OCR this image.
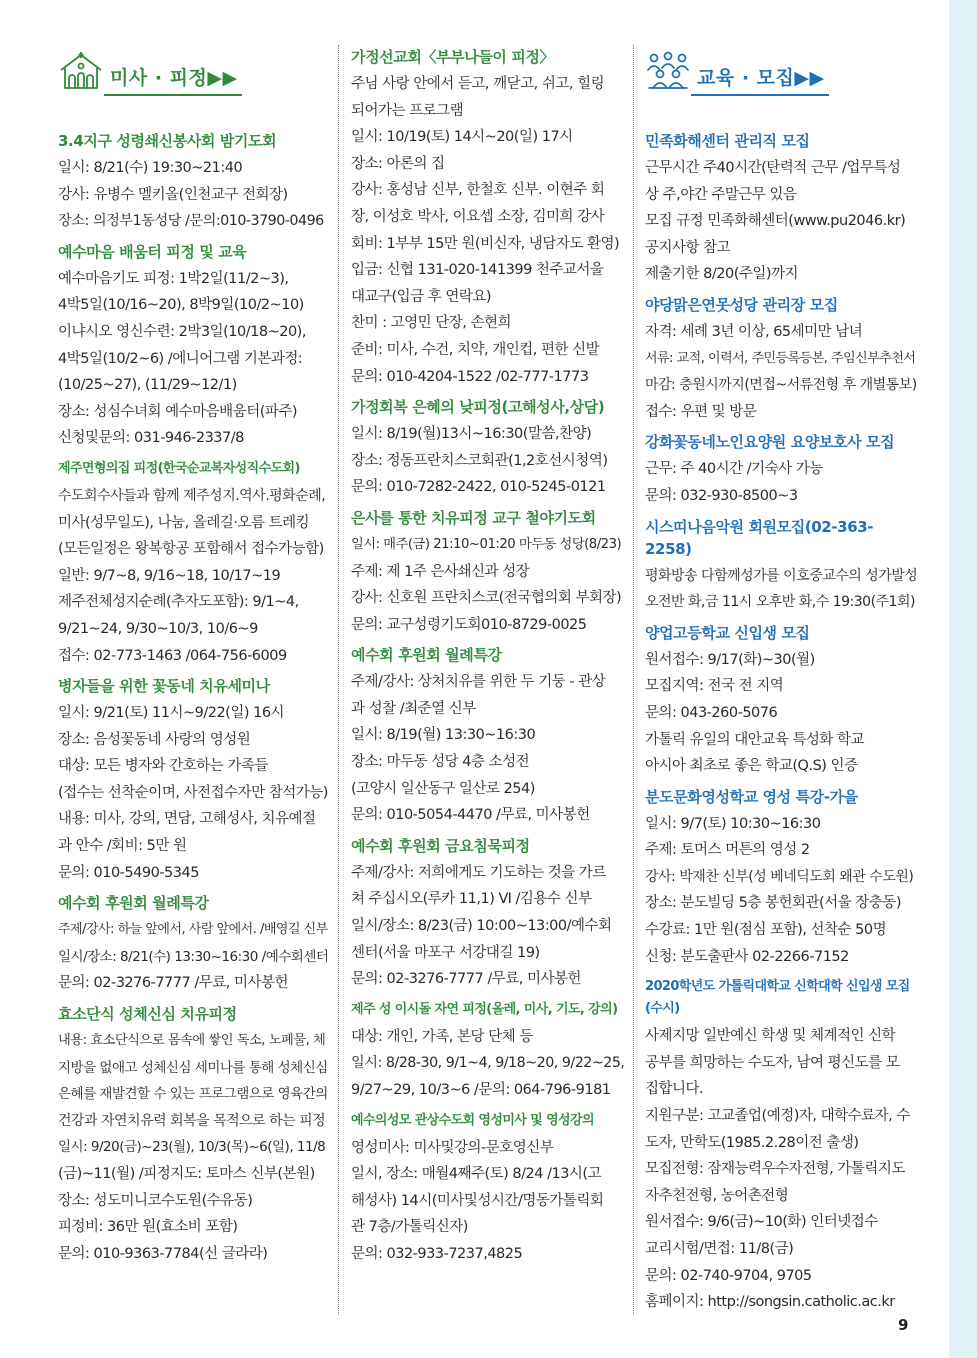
미사 · 피정▶▶
3.4지구 성령쇄신봉사회 밤기도회
일시: 8/21(수) 19:30~21:40
강사: 유병수 멜키올(인천교구 전회장)
장소: 의정부1동성당 /문의:010-3790-0496
예수마음 배움터 피정 및 교육
예수마음기도 피정: 1박2일(11/2~3),
4박5일(10/16~20), 8박9일(10/2~10)
이냐시오 영신수련: 2박3일(10/18~20),
4박5일(10/2~6) /에니어그램 기본과정:
(10/25~27), (11/29~12/1)
장소: 성심수녀회 예수마음배움터(파주)
신청및문의: 031-946-2337/8
제주면형의집 피정(한국순교복자성직수도회)
수도회수사들과 함께 제주성지.역사.평화순례,
미사(성무일도), 나눔, 올레길·오름 트레킹
(모든일정은 왕복항공 포함해서 접수가능함)
일반: 9/7~8, 9/16~18, 10/17~19
제주전체성지순례(추자도포함): 9/1~4,
9/21~24, 9/30~10/3, 10/6~9
접수: 02-773-1463 /064-756-6009
병자들을 위한 꽃동네 치유세미나
일시: 9/21(토) 11시~9/22(일) 16시
장소: 음성꽃동네 사랑의 영성원
대상: 모든 병자와 간호하는 가족들
(접수는 선착순이며, 사전접수자만 참석가능)
내용: 미사, 강의, 면담, 고해성사, 치유예절
과 안수 /회비: 5만 원
문의: 010-5490-5345
예수회 후원회 월례특강
주제/강사: 하늘 앞에서, 사람 앞에서. /배영길 신부
일시/장소: 8/21(수) 13:30~16:30 /예수회센터
문의: 02-3276-7777 /무료, 미사봉헌
효소단식 성체신심 치유피정
내용: 효소단식으로 몸속에 쌓인 독소, 노폐물, 체
지방을 없애고 성체신심 세미나를 통해 성체신심
은혜를 재발견할 수 있는 프로그램으로 영육간의
건강과 자연치유력 회복을 목적으로 하는 피정
일시: 9/20(금)~23(월), 10/3(목)~6(일), 11/8
(금)~11(월) /피정지도: 토마스 신부(본원)
장소: 성도미니코수도원(수유동)
피정비: 36만 원(효소비 포함)
문의: 010-9363-7784(신 글라라)
가정선교회〈부부나들이 피정〉
주님 사랑 안에서 듣고, 깨닫고, 쉬고, 힐링
되어가는 프로그램
일시: 10/19(토) 14시~20(일) 17시
장소: 아론의 집
강사: 홍성남 신부, 한철호 신부. 이현주 회
장, 이성호 박사, 이요셉 소장, 김미희 강사
회비: 1부부 15만 원(비신자, 냉담자도 환영)
입금: 신협 131-020-141399 천주교서울
대교구(입금 후 연락요)
찬미 : 고영민 단장, 손현희
준비: 미사, 수건, 치약, 개인컵, 편한 신발
문의: 010-4204-1522 /02-777-1773
가정회복 은혜의 낮피정(고해성사,상담)
일시: 8/19(월)13시~16:30(말씀,찬양)
장소: 정동프란치스코회관(1,2호선시청역)
문의: 010-7282-2422, 010-5245-0121
은사를 통한 치유피정 교구 철야기도회
일시: 매주(금) 21:10~01:20 마두동 성당(8/23)
주제: 제 1주 은사쇄신과 성장
강사: 신호원 프란치스코(전국협의회 부회장)
문의: 교구성령기도회010-8729-0025
예수회 후원회 월례특강
주제/강사: 상처치유를 위한 두 기둥 - 관상
과 성찰 /최준열 신부
일시: 8/19(월) 13:30~16:30
장소: 마두동 성당 4층 소성전
(고양시 일산동구 일산로 254)
문의: 010-5054-4470 /무료, 미사봉헌
예수회 후원회 금요침묵피정
주제/강사: 저희에게도 기도하는 것을 가르
쳐 주십시오(루카 11,1) Ⅵ /김용수 신부
일시/장소: 8/23(금) 10:00~13:00/예수회
센터(서울 마포구 서강대길 19)
문의: 02-3276-7777 /무료, 미사봉헌
제주 성 이시돌 자연 피정(올레, 미사, 기도, 강의)
대상: 개인, 가족, 본당 단체 등
일시: 8/28-30, 9/1~4, 9/18~20, 9/22~25,
9/27~29, 10/3~6 /문의: 064-796-9181
예수의성모 관상수도회 영성미사 및 영성강의
영성미사: 미사및강의-문호영신부
일시, 장소: 매월4째주(토) 8/24 /13시(고
해성사) 14시(미사및성시간/명동가톨릭회
관 7층/가톨릭신자)
문의: 032-933-7237,4825
교육 · 모집▶▶
민족화해센터 관리직 모집
근무시간 주40시간(탄력적 근무 /업무특성
상 주,야간 주말근무 있음
모집 규정 민족화해센터(www.pu2046.kr)
공지사항 참고
제출기한 8/20(주일)까지
야당맑은연못성당 관리장 모집
자격: 세례 3년 이상, 65세미만 남녀
서류: 교적, 이력서, 주민등록등본, 주임신부추천서
마감: 충원시까지(면접~서류전형 후 개별통보)
접수: 우편 및 방문
강화꽃동네노인요양원 요양보호사 모집
근무: 주 40시간 /기숙사 가능
문의: 032-930-8500~3
시스띠나음악원 회원모집(02-363-2258)
평화방송 다함께성가를 이호중교수의 성가발성
오전반 화,금 11시 오후반 화,수 19:30(주1회)
양업고등학교 신입생 모집
원서접수: 9/17(화)~30(월)
모집지역: 전국 전 지역
문의: 043-260-5076
가톨릭 유일의 대안교육 특성화 학교
아시아 최초로 좋은 학교(Q.S) 인증
분도문화영성학교 영성 특강-가을
일시: 9/7(토) 10:30~16:30
주제: 토머스 머튼의 영성 2
강사: 박재찬 신부(성 베네딕도회 왜관 수도원)
장소: 분도빌딩 5층 봉헌회관(서울 장충동)
수강료: 1만 원(점심 포함), 선착순 50명
신청: 분도출판사 02-2266-7152
2020학년도 가톨릭대학교 신학대학 신입생 모집(수시)
사제지망 일반예신 학생 및 체계적인 신학
공부를 희망하는 수도자, 남여 평신도를 모
집합니다.
지원구분: 고교졸업(예정)자, 대학수료자, 수
도자, 만학도(1985.2.28이전 출생)
모집전형: 잠재능력우수자전형, 가톨릭지도
자추천전형, 농어촌전형
원서접수: 9/6(금)~10(화) 인터넷접수
교리시험/면접: 11/8(금)
문의: 02-740-9704, 9705
홈페이지: http://songsin.catholic.ac.kr
9
